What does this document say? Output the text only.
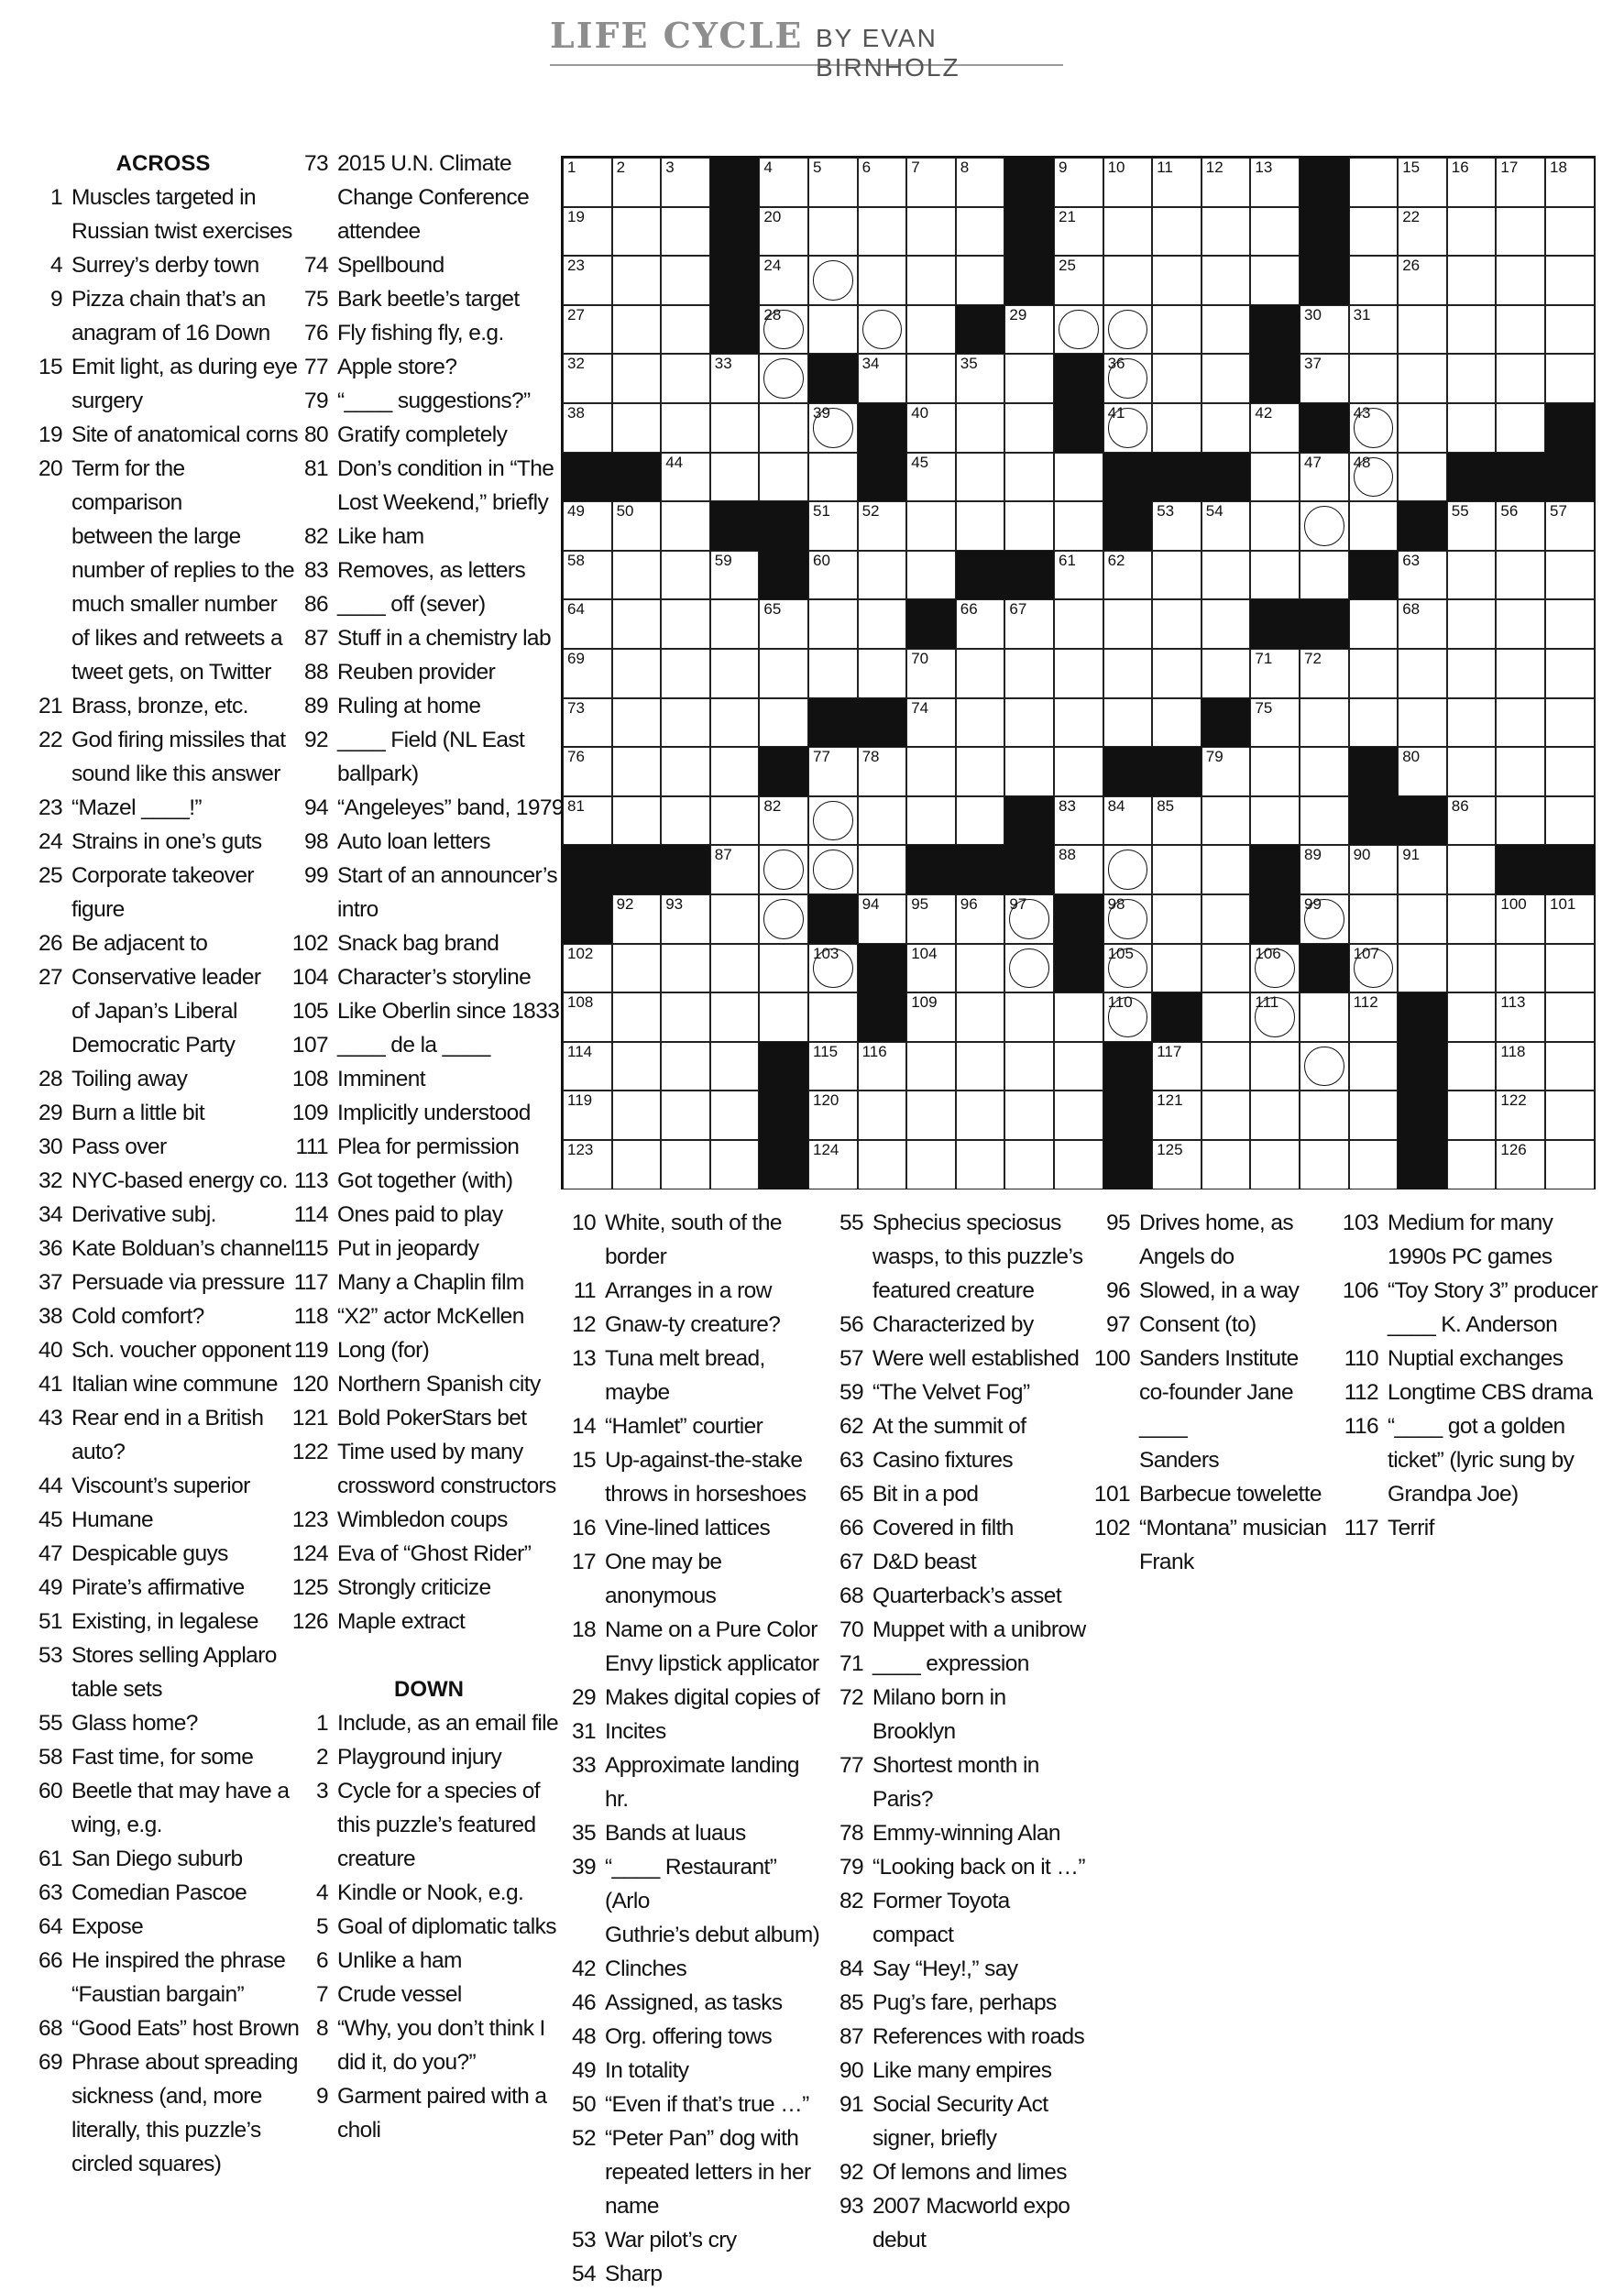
LIFE CYCLE BY EVAN BIRNHOLZ
1	2	3	4	5	6	7	8	9	10 11 12 13	15 16 17 18
19	20	21	22
23	24	25	26
27	28	29	30 31
32	33	34	35	36	37
38	39	40	41	42	43
44	45	47 48
49 50	51 52	53 54	55 56 57
58	59	60	61 62	63
64	65	66 67	68
69	70	71 72
73	74	75
76	77 78	79	80
81	82	83 84 85	86
87	88	89 90 91
92 93	94 95 96 97	98	99	100 101
102	103	104	105	106	107
108	109	110	111	112	113
114	115 116	117	118
119	120	121	122
123	124	125	126
ACROSS
1 Muscles targeted in
Russian twist exercises
4 Surrey’s derby town
9 Pizza chain that’s an
anagram of 16 Down
15 Emit light, as during eye
surgery
19 Site of anatomical corns
20 Term for the comparison
between the large
number of replies to the
much smaller number
of likes and retweets a
tweet gets, on Twitter
21 Brass, bronze, etc.
22 God firing missiles that
sound like this answer
23 “Mazel ____!”
24 Strains in one’s guts
25 Corporate takeover
figure
26 Be adjacent to
27 Conservative leader
of Japan’s Liberal
Democratic Party
28 Toiling away
29 Burn a little bit
30 Pass over
32 NYC-based energy co.
34 Derivative subj.
36 Kate Bolduan’s channel
37 Persuade via pressure
38 Cold comfort?
40 Sch. voucher opponent
41 Italian wine commune
43 Rear end in a British
auto?
44 Viscount’s superior
45 Humane
47 Despicable guys
49 Pirate’s affirmative
51 Existing, in legalese
53 Stores selling Applaro
table sets
55 Glass home?
58 Fast time, for some
60 Beetle that may have a
wing, e.g.
61 San Diego suburb
63 Comedian Pascoe
64 Expose
66 He inspired the phrase
“Faustian bargain”
68 “Good Eats” host Brown
69 Phrase about spreading
sickness (and, more
literally, this puzzle’s
circled squares)
73 2015 U.N. Climate
Change Conference
attendee
74 Spellbound
75 Bark beetle’s target
76 Fly fishing fly, e.g.
77 Apple store?
79 “____ suggestions?”
80 Gratify completely
81 Don’s condition in “The
Lost Weekend,” briefly
82 Like ham
83 Removes, as letters
86 ____ off (sever)
87 Stuff in a chemistry lab
88 Reuben provider
89 Ruling at home
92 ____ Field (NL East
ballpark)
94 “Angeleyes” band, 1979
98 Auto loan letters
99 Start of an announcer’s
intro
102 Snack bag brand
104 Character’s storyline
105 Like Oberlin since 1833
107 ____ de la ____
108 Imminent
109 Implicitly understood
111 Plea for permission
113 Got together (with)
114 Ones paid to play
115 Put in jeopardy
117 Many a Chaplin film
118 “X2” actor McKellen
119 Long (for)
120 Northern Spanish city
121 Bold PokerStars bet
122 Time used by many
crossword constructors
123 Wimbledon coups
124 Eva of “Ghost Rider”
125 Strongly criticize
126 Maple extract
DOWN
1 Include, as an email file
2 Playground injury
3 Cycle for a species of
this puzzle’s featured
creature
4 Kindle or Nook, e.g.
5 Goal of diplomatic talks
6 Unlike a ham
7 Crude vessel
8 “Why, you don’t think I
did it, do you?”
9 Garment paired with a
choli
10 White, south of the
border
11 Arranges in a row
12 Gnaw-ty creature?
13 Tuna melt bread, maybe
14 “Hamlet” courtier
15 Up-against-the-stake
throws in horseshoes
16 Vine-lined lattices
17 One may be anonymous
18 Name on a Pure Color
Envy lipstick applicator
29 Makes digital copies of
31 Incites
33 Approximate landing hr.
35 Bands at luaus
39 “____ Restaurant” (Arlo
Guthrie’s debut album)
42 Clinches
46 Assigned, as tasks
48 Org. offering tows
49 In totality
50 “Even if that’s true …”
52 “Peter Pan” dog with
repeated letters in her
name
53 War pilot’s cry
54 Sharp
55 Sphecius speciosus
wasps, to this puzzle’s
featured creature
56 Characterized by
57 Were well established
59 “The Velvet Fog”
62 At the summit of
63 Casino fixtures
65 Bit in a pod
66 Covered in filth
67 D&D beast
68 Quarterback’s asset
70 Muppet with a unibrow
71 ____ expression
72 Milano born in Brooklyn
77 Shortest month in Paris?
78 Emmy-winning Alan
79 “Looking back on it …”
82 Former Toyota compact
84 Say “Hey!,” say
85 Pug’s fare, perhaps
87 References with roads
90 Like many empires
91 Social Security Act
signer, briefly
92 Of lemons and limes
93 2007 Macworld expo
debut
95 Drives home, as
Angels do
96 Slowed, in a way
97 Consent (to)
100 Sanders Institute
co-founder Jane ____
Sanders
101 Barbecue towelette
102 “Montana” musician
Frank
103 Medium for many
1990s PC games
106 “Toy Story 3” producer
____ K. Anderson
110 Nuptial exchanges
112 Longtime CBS drama
116 “____ got a golden
ticket” (lyric sung by
Grandpa Joe)
117 Terrif
